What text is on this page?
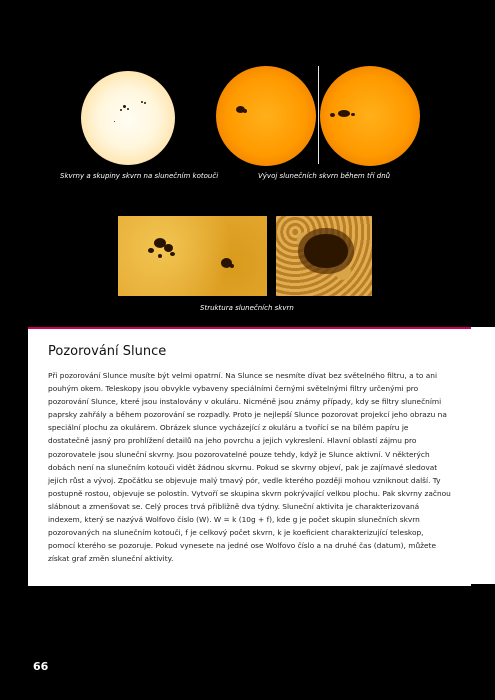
Skvrny a skupiny skvrn na slunečním kotouči	Vývoj slunečních skvrn během tří dnů
Struktura slunečních skvrn
Pozorování Slunce

Při pozorování Slunce musíte být velmi opatrní. Na Slunce se nesmíte dívat bez světelného filtru, a to ani pouhým okem. Teleskopy jsou obvykle vybaveny speciálními černými světelnými filtry určenými pro pozorování Slunce, které jsou instalovány v okuláru. Nicméně jsou známy případy, kdy se filtry slunečními paprsky zahřály a během pozorování se rozpadly. Proto je nejlepší Slunce pozorovat projekcí jeho obrazu na speciální plochu za okulárem. Obrázek slunce vycházející z okuláru a tvořící se na bílém papíru je dostatečně jasný pro prohlížení detailů na jeho povrchu a jejich vykreslení. Hlavní oblastí zájmu pro pozorovatele jsou sluneční skvrny. Jsou pozorovatelné pouze tehdy, když je Slunce aktivní. V některých dobách není na slunečním kotouči vidět žádnou skvrnu. Pokud se skvrny objeví, pak je zajímavé sledovat jejich růst a vývoj. Zpočátku se objevuje malý tmavý pór, vedle kterého později mohou vzniknout další. Ty postupně rostou, objevuje se polostín. Vytvoří se skupina skvrn pokrývající velkou plochu. Pak skvrny začnou slábnout a zmenšovat se. Celý proces trvá přibližně dva týdny. Sluneční aktivita je charakterizovaná indexem, který se nazývá Wolfovo číslo (W). W = k (10g + f), kde g je počet skupin slunečních skvrn pozorovaných na slunečním kotouči, f je celkový počet skvrn, k je koeficient charakterizující teleskop, pomocí kterého se pozoruje. Pokud vynesete na jedné ose Wolfovo číslo a na druhé čas (datum), můžete získat graf změn sluneční aktivity.

66
